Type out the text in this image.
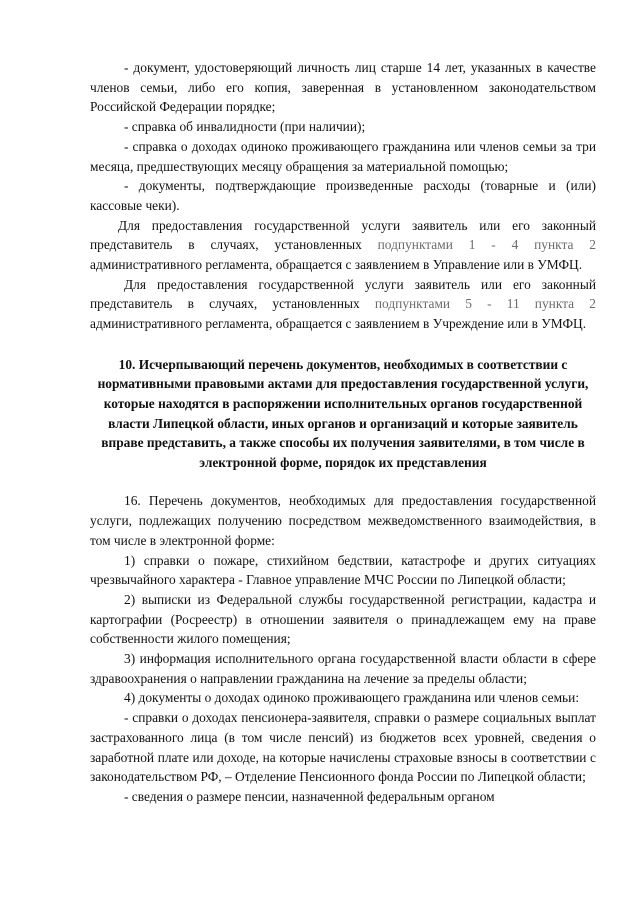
- документ, удостоверяющий личность лиц старше 14 лет, указанных в качестве членов семьи, либо его копия, заверенная в установленном законодательством Российской Федерации порядке;

- справка об инвалидности (при наличии);

- справка о доходах одиноко проживающего гражданина или членов семьи за три месяца, предшествующих месяцу обращения за материальной помощью;

- документы, подтверждающие произведенные расходы (товарные и (или) кассовые чеки).

Для предоставления государственной услуги заявитель или его законный представитель в случаях, установленных подпунктами 1 - 4 пункта 2 административного регламента, обращается с заявлением в Управление или в УМФЦ.

Для предоставления государственной услуги заявитель или его законный представитель в случаях, установленных подпунктами 5 - 11 пункта 2 административного регламента, обращается с заявлением в Учреждение или в УМФЦ.

10. Исчерпывающий перечень документов, необходимых в соответствии с нормативными правовыми актами для предоставления государственной услуги, которые находятся в распоряжении исполнительных органов государственной власти Липецкой области, иных органов и организаций и которые заявитель вправе представить, а также способы их получения заявителями, в том числе в электронной форме, порядок их представления

16. Перечень документов, необходимых для предоставления государственной услуги, подлежащих получению посредством межведомственного взаимодействия, в том числе в электронной форме:

1) справки о пожаре, стихийном бедствии, катастрофе и других ситуациях чрезвычайного характера - Главное управление МЧС России по Липецкой области;

2) выписки из Федеральной службы государственной регистрации, кадастра и картографии (Росреестр) в отношении заявителя о принадлежащем ему на праве собственности жилого помещения;

3) информация исполнительного органа государственной власти области в сфере здравоохранения о направлении гражданина на лечение за пределы области;

4) документы о доходах одиноко проживающего гражданина или членов семьи:

- справки о доходах пенсионера-заявителя, справки о размере социальных выплат застрахованного лица (в том числе пенсий) из бюджетов всех уровней, сведения о заработной плате или доходе, на которые начислены страховые взносы в соответствии с законодательством РФ, – Отделение Пенсионного фонда России по Липецкой области;

- сведения о размере пенсии, назначенной федеральным органом
